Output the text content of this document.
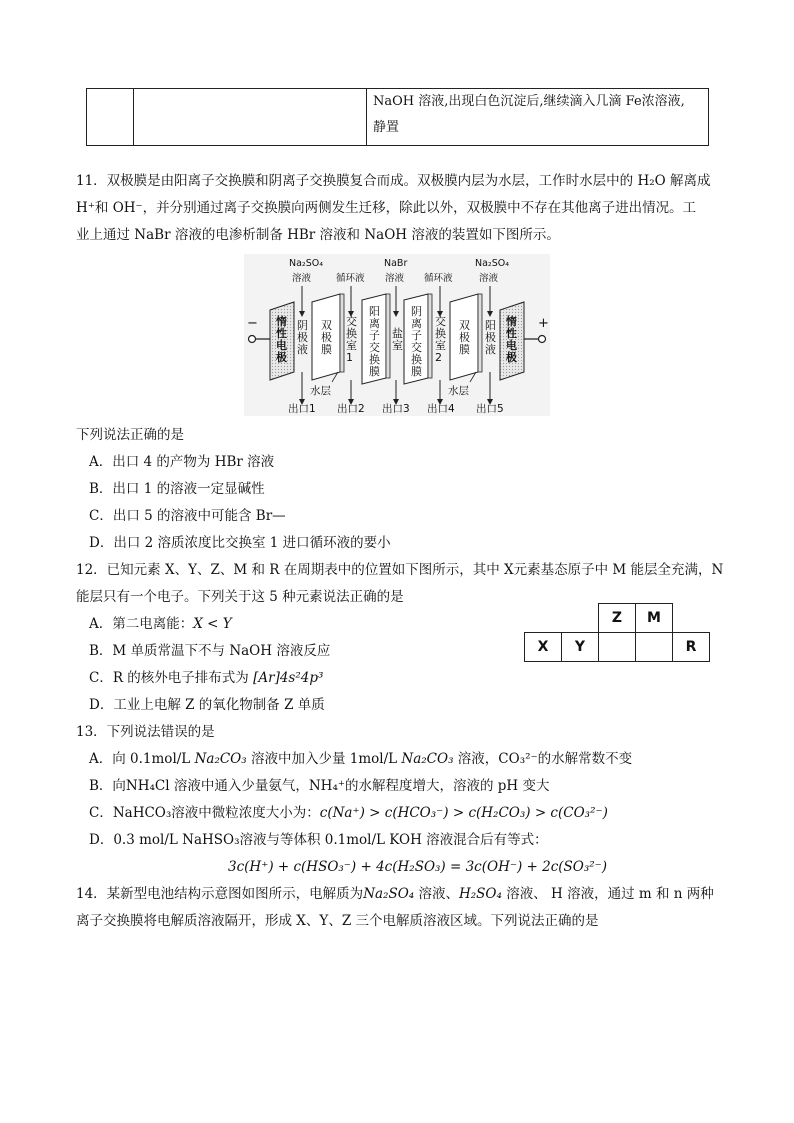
NaOH 溶液,出现白色沉淀后,继续滴入几滴 Fe浓溶液,
静置
11．双极膜是由阳离子交换膜和阴离子交换膜复合而成。双极膜内层为水层，工作时水层中的 H₂O 解离成
H⁺和 OH⁻，并分别通过离子交换膜向两侧发生迁移，除此以外，双极膜中不存在其他离子进出情况。工
业上通过 NaBr 溶液的电渗析制备 HBr 溶液和 NaOH 溶液的装置如下图所示。
Na₂SO₄
溶液	循环液
NaBr
溶液 循环液
Na₂SO₄
溶液
−	+
惰性电极
阴极液
双极膜
交换室1
阳离子交换膜
盐室
阴离子交换膜
交换室2
双极膜
阳极液
惰性电极
水层	水层
出口1 出口2 出口3 出口4 出口5
下列说法正确的是
A．出口 4 的产物为 HBr 溶液
B．出口 1 的溶液一定显碱性
C．出口 5 的溶液中可能含 Br—
D．出口 2 溶质浓度比交换室 1 进口循环液的要小
12．已知元素 X、Y、Z、M 和 R 在周期表中的位置如下图所示，其中 X元素基态原子中 M 能层全充满，N
能层只有一个电子。下列关于这 5 种元素说法正确的是
		Z	M	
X	Y			R
A．第二电离能：X < Y
B．M 单质常温下不与 NaOH 溶液反应
C．R 的核外电子排布式为 [Ar]4s²4p³
D．工业上电解 Z 的氧化物制备 Z 单质
13．下列说法错误的是
A．向 0.1mol/L Na₂CO₃ 溶液中加入少量 1mol/L Na₂CO₃ 溶液，CO₃²⁻的水解常数不变
B．向NH₄Cl 溶液中通入少量氨气，NH₄⁺的水解程度增大，溶液的 pH 变大
C．NaHCO₃溶液中微粒浓度大小为：c(Na⁺) > c(HCO₃⁻) > c(H₂CO₃) > c(CO₃²⁻)
D．0.3 mol/L NaHSO₃溶液与等体积 0.1mol/L KOH 溶液混合后有等式：
3c(H⁺) + c(HSO₃⁻) + 4c(H₂SO₃) = 3c(OH⁻) + 2c(SO₃²⁻)
14．某新型电池结构示意图如图所示，电解质为Na₂SO₄ 溶液、H₂SO₄ 溶液、 H 溶液，通过 m 和 n 两种
离子交换膜将电解质溶液隔开，形成 X、Y、Z 三个电解质溶液区域。下列说法正确的是
